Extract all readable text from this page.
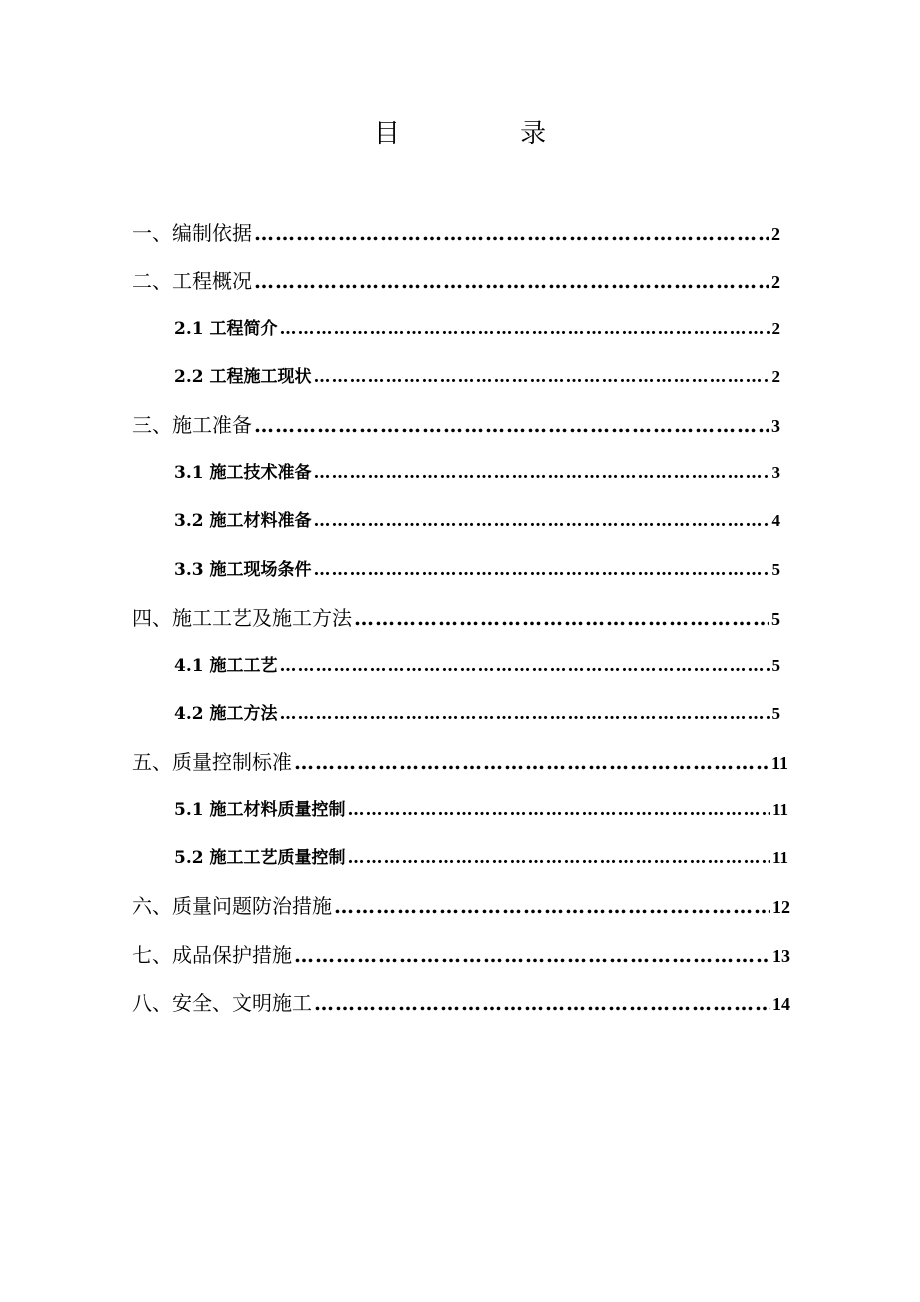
目 录
一、编制依据 ……………………………………………………………………………………………………………………………………………………………………………………………………………………	2
二、工程概况 ……………………………………………………………………………………………………………………………………………………………………………………………………………………	2
2.1 工程简介 ……………………………………………………………………………………………………………………………………………………………………………………………………………………	2
2.2 工程施工现状 ……………………………………………………………………………………………………………………………………………………………………………………………………………………	2
三、施工准备 ……………………………………………………………………………………………………………………………………………………………………………………………………………………	3
3.1 施工技术准备 ……………………………………………………………………………………………………………………………………………………………………………………………………………………	3
3.2 施工材料准备 ……………………………………………………………………………………………………………………………………………………………………………………………………………………	4
3.3 施工现场条件 ……………………………………………………………………………………………………………………………………………………………………………………………………………………	5
四、施工工艺及施工方法 ……………………………………………………………………………………………………………………………………………………………………………………………………………………	5
4.1 施工工艺 ……………………………………………………………………………………………………………………………………………………………………………………………………………………	5
4.2 施工方法 ……………………………………………………………………………………………………………………………………………………………………………………………………………………	5
五、质量控制标准 ……………………………………………………………………………………………………………………………………………………………………………………………………………………	11
5.1 施工材料质量控制 ……………………………………………………………………………………………………………………………………………………………………………………………………………………	11
5.2 施工工艺质量控制 ……………………………………………………………………………………………………………………………………………………………………………………………………………………	11
六、质量问题防治措施 ……………………………………………………………………………………………………………………………………………………………………………………………………………………	12
七、成品保护措施 ……………………………………………………………………………………………………………………………………………………………………………………………………………………	13
八、安全、文明施工 ……………………………………………………………………………………………………………………………………………………………………………………………………………………	14
